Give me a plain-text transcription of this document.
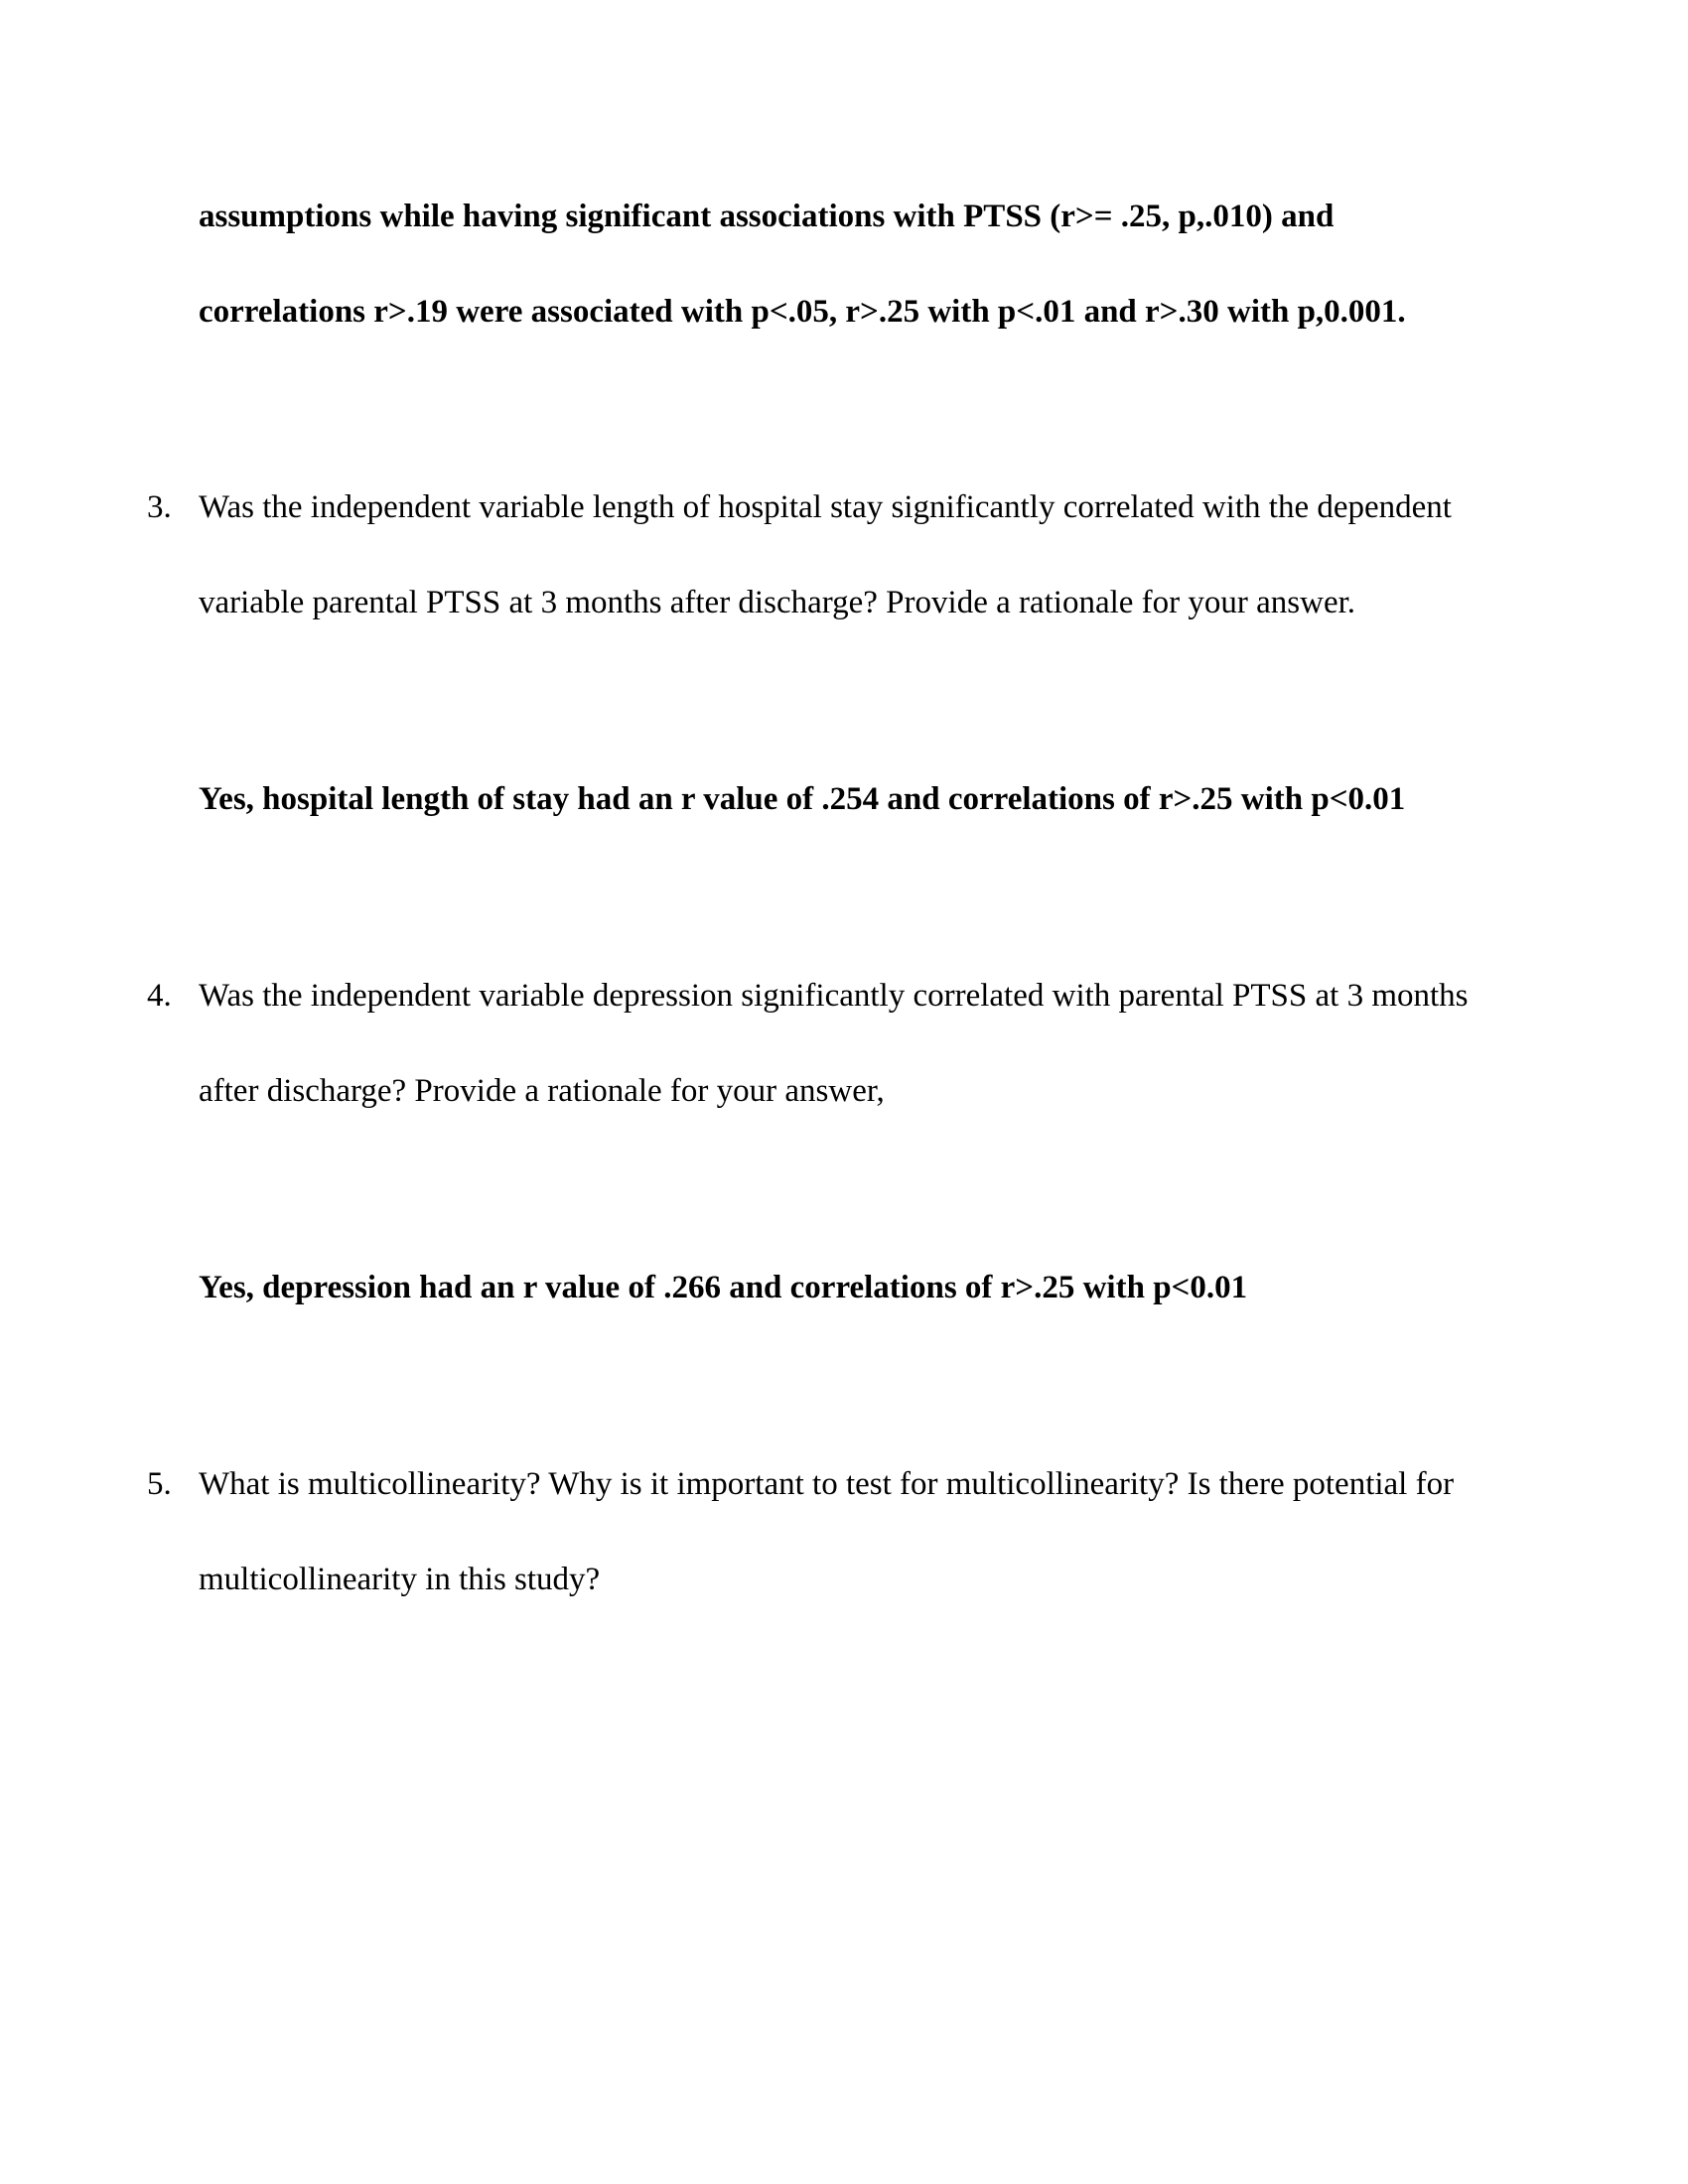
assumptions while having significant associations with PTSS (r>= .25, p,.010) and
correlations r>.19 were associated with p<.05, r>.25 with p<.01 and r>.30 with p,0.001.
3. Was the independent variable length of hospital stay significantly correlated with the dependent
variable parental PTSS at 3 months after discharge? Provide a rationale for your answer.
Yes, hospital length of stay had an r value of .254 and correlations of r>.25 with p<0.01
4. Was the independent variable depression significantly correlated with parental PTSS at 3 months
after discharge? Provide a rationale for your answer,
Yes, depression had an r value of .266 and correlations of r>.25 with p<0.01
5. What is multicollinearity? Why is it important to test for multicollinearity? Is there potential for
multicollinearity in this study?
